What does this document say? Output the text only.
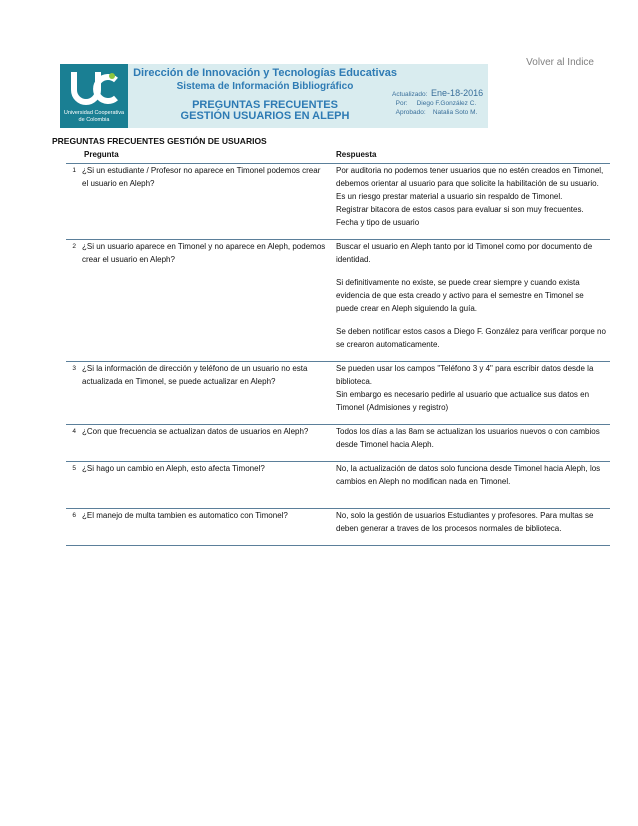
Volver al Indice
Universidad Cooperativa
de Colombia
Dirección de Innovación y Tecnologías Educativas
Sistema de Información Bibliográfico
PREGUNTAS FRECUENTES
GESTIÓN USUARIOS EN ALEPH
Actualizado: Ene-18-2016
Por: Diego F.González C.
Aprobado: Natalia Soto M.
PREGUNTAS FRECUENTES GESTIÓN DE USUARIOS
Pregunta		Respuesta
1	¿Si un estudiante / Profesor no aparece en Timonel podemos crear el usuario en Aleph?	Por auditoria no podemos tener usuarios que no estén creados en Timonel, debemos orientar al usuario para que solicite la habilitación de su usuario. Es un riesgo prestar material a usuario sin respaldo de Timonel.

Registrar bitacora de estos casos para evaluar si son muy frecuentes. Fecha y tipo de usuario

2	¿Si un usuario aparece en Timonel y no aparece en Aleph, podemos crear el usuario en Aleph?	Buscar el usuario en Aleph tanto por id Timonel como por documento de identidad.

Si definitivamente no existe, se puede crear siempre y cuando exista evidencia de que esta creado y activo para el semestre en Timonel se puede crear en Aleph siguiendo la guía.

Se deben notificar estos casos a Diego F. González para verificar porque no se crearon automaticamente.

3	¿Si la información de dirección y teléfono de un usuario no esta actualizada en Timonel, se puede actualizar en Aleph?	Se pueden usar los campos "Teléfono 3 y 4" para escribir datos desde la biblioteca.

Sin embargo es necesario pedirle al usuario que actualice sus datos en Timonel (Admisiones y registro)

4	¿Con que frecuencia se actualizan datos de usuarios en Aleph?	Todos los días a las 8am se actualizan los usuarios nuevos o con cambios desde Timonel hacia Aleph.

5	¿Si hago un cambio en Aleph, esto afecta Timonel?	No, la actualización de datos solo funciona desde Timonel hacia Aleph, los cambios en Aleph no modifican nada en Timonel.

6	¿El manejo de multa tambien es automatico con Timonel?	No, solo la gestión de usuarios Estudiantes y profesores. Para multas se deben generar a traves de los procesos normales de biblioteca.
